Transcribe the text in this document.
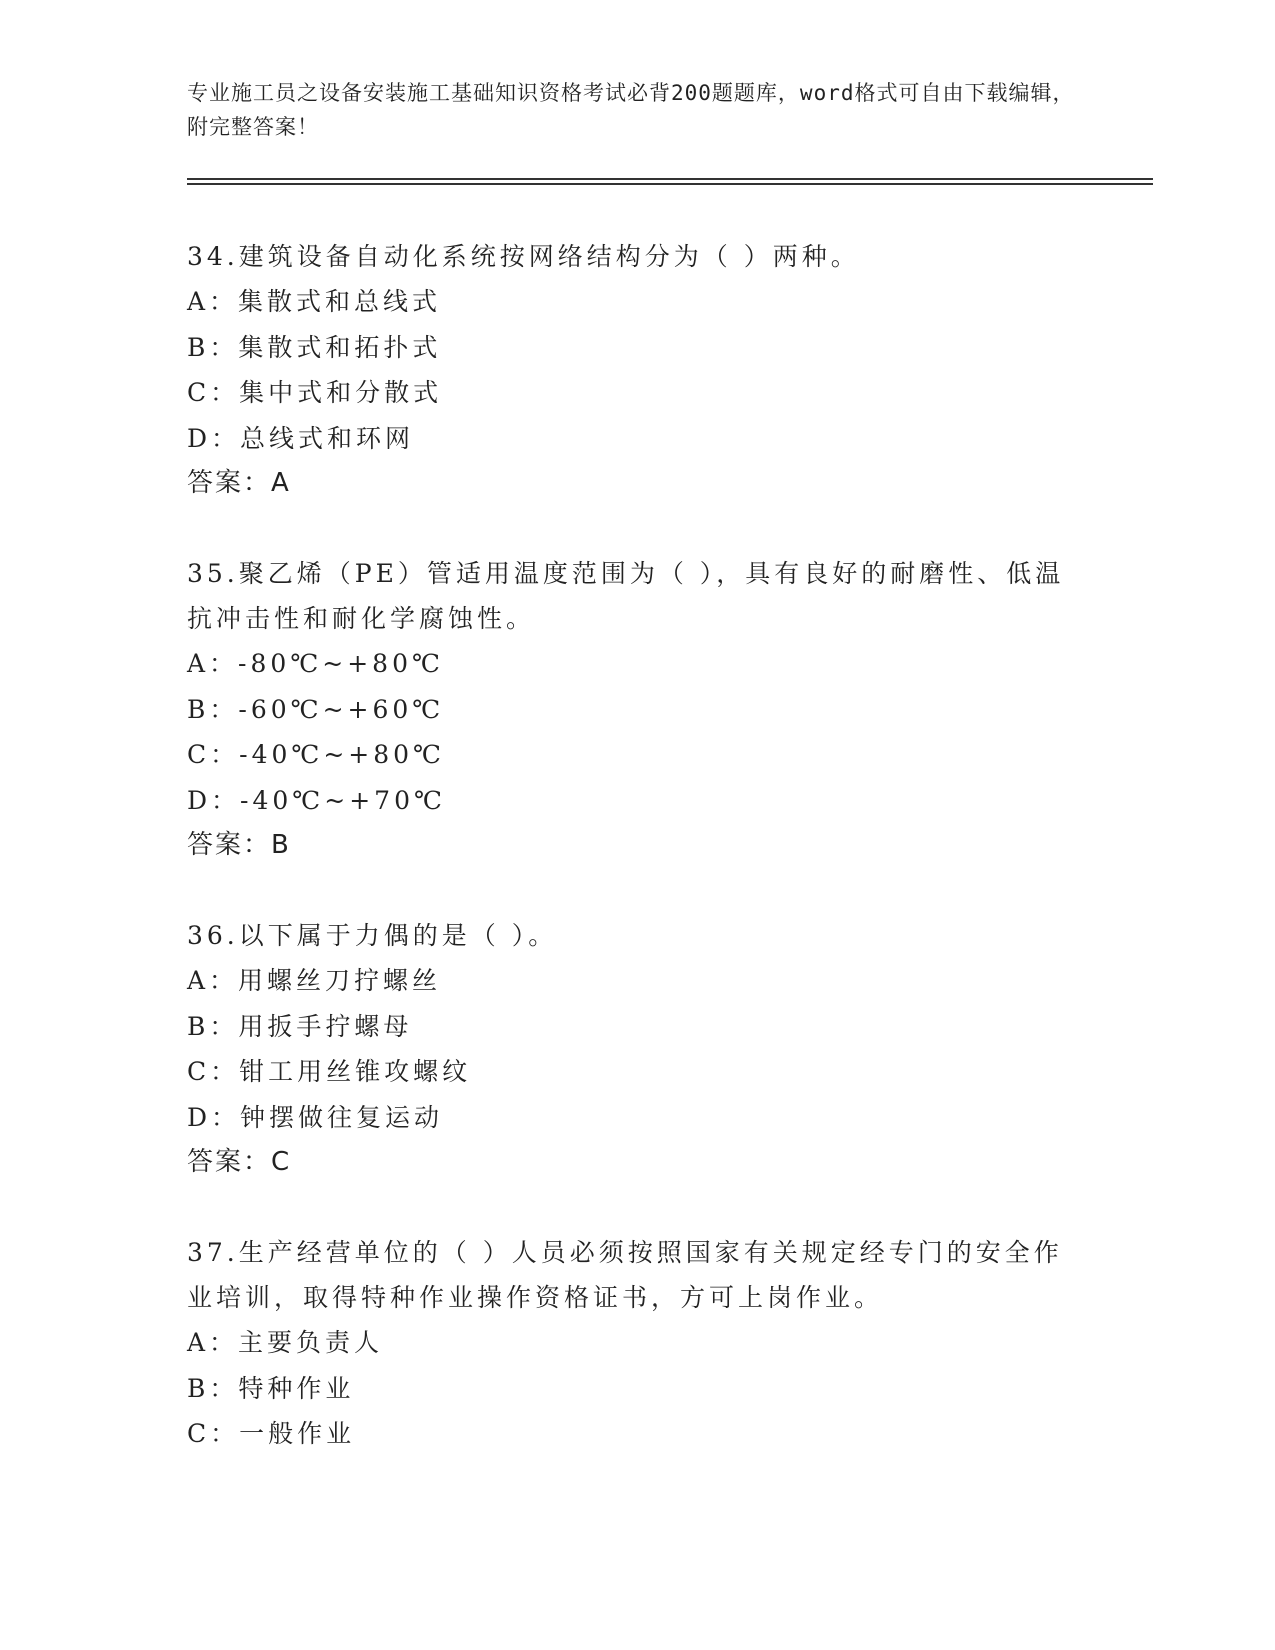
专业施工员之设备安装施工基础知识资格考试必背200题题库，word格式可自由下载编辑，附完整答案！
34.建筑设备自动化系统按网络结构分为（ ）两种。
A：集散式和总线式
B：集散式和拓扑式
C：集中式和分散式
D：总线式和环网
答案：A
35.聚乙烯（PE）管适用温度范围为（ ），具有良好的耐磨性、低温抗冲击性和耐化学腐蚀性。
A：-80℃~+80℃
B：-60℃~+60℃
C：-40℃~+80℃
D：-40℃~+70℃
答案：B
36.以下属于力偶的是（ ）。
A：用螺丝刀拧螺丝
B：用扳手拧螺母
C：钳工用丝锥攻螺纹
D：钟摆做往复运动
答案：C
37.生产经营单位的（ ）人员必须按照国家有关规定经专门的安全作业培训，取得特种作业操作资格证书，方可上岗作业。
A：主要负责人
B：特种作业
C：一般作业
